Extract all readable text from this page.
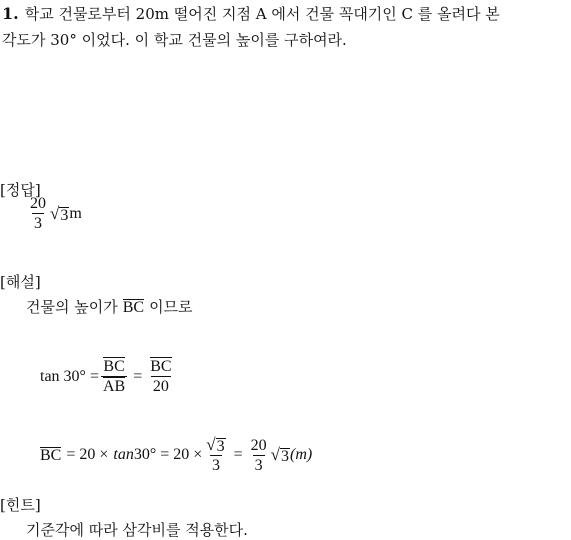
1. 학교 건물로부터 20m 떨어진 지점 A 에서 건물 꼭대기인 C 를 올려다 본
각도가 30° 이었다. 이 학교 건물의 높이를 구하여라.
[정답]
$\frac{20}{3}$ √ 3 m
[해설]
건물의 높이가 BC 이므로
$\tan 30^\circ = \frac{BC}{AB} = \frac{BC}{20}$
BC = $20 \times \tan 30^\circ = 20 \times \frac{√ 3}{3} = \frac{20}{3}$ √ 3 (m)
[힌트]
기준각에 따라 삼각비를 적용한다.
